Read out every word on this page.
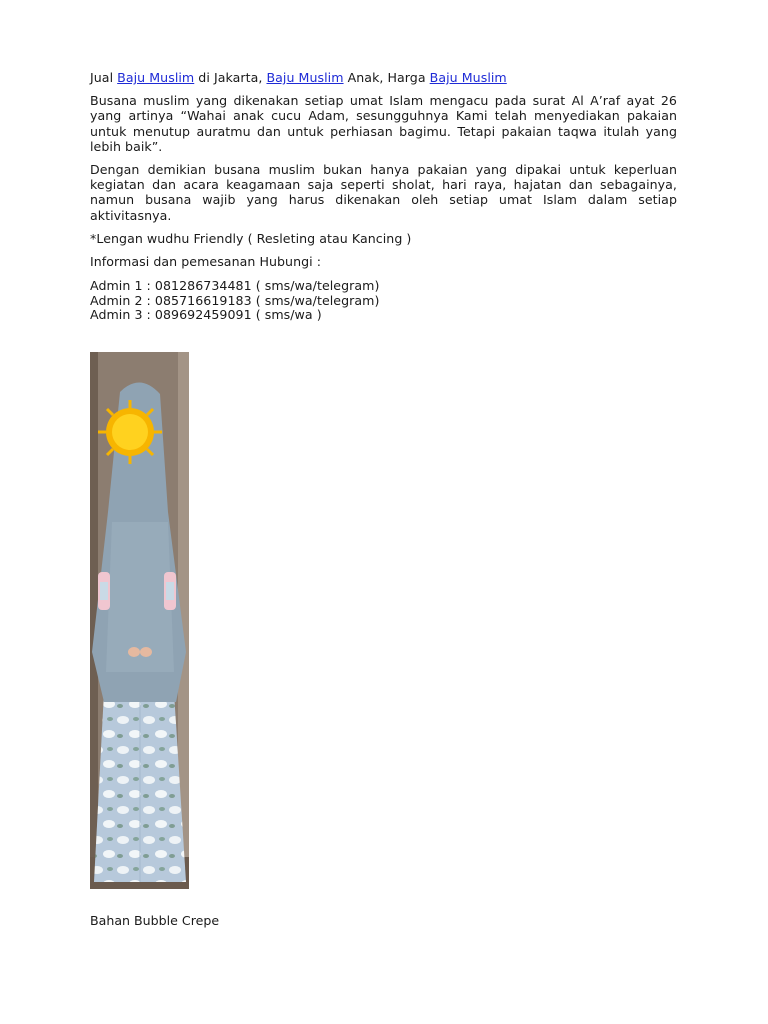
Jual Baju Muslim di Jakarta, Baju Muslim Anak, Harga Baju Muslim

Busana muslim yang dikenakan setiap umat Islam mengacu pada surat Al A’raf ayat 26 yang artinya “Wahai anak cucu Adam, sesungguhnya Kami telah menyediakan pakaian untuk menutup auratmu dan untuk perhiasan bagimu. Tetapi pakaian taqwa itulah yang lebih baik”.

Dengan demikian busana muslim bukan hanya pakaian yang dipakai untuk keperluan kegiatan dan acara keagamaan saja seperti sholat, hari raya, hajatan dan sebagainya, namun busana wajib yang harus dikenakan oleh setiap umat Islam dalam setiap aktivitasnya.

*Lengan wudhu Friendly ( Resleting atau Kancing )

Informasi dan pemesanan Hubungi :

Admin 1 : 081286734481 ( sms/wa/telegram)

Admin 2 : 085716619183 ( sms/wa/telegram)

Admin 3 : 089692459091 ( sms/wa )

Bahan Bubble Crepe
